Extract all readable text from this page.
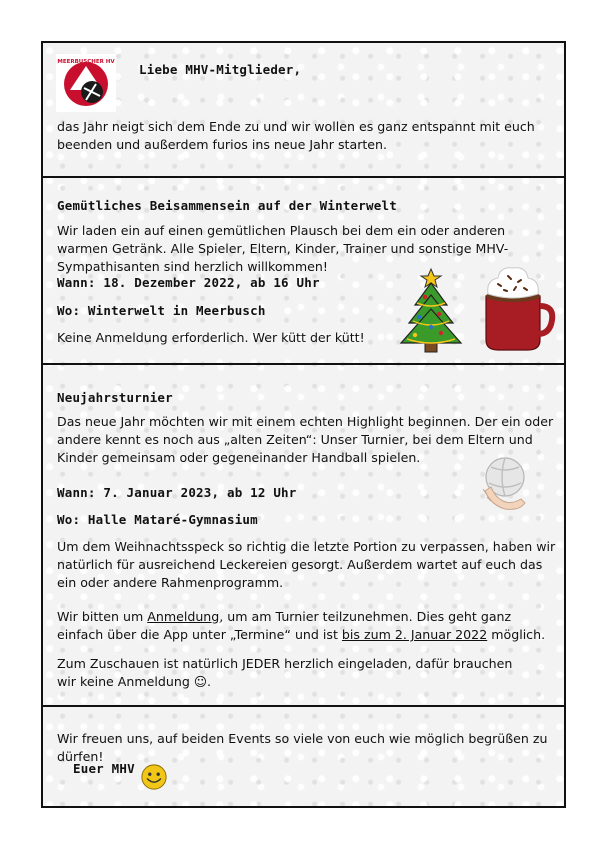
MEERBUSCHER HV Liebe MHV-Mitglieder,

das Jahr neigt sich dem Ende zu und wir wollen es ganz entspannt mit euch beenden und außerdem furios ins neue Jahr starten.

Gemütliches Beisammensein auf der Winterwelt

Wir laden ein auf einen gemütlichen Plausch bei dem ein oder anderen warmen Getränk. Alle Spieler, Eltern, Kinder, Trainer und sonstige MHV-Sympathisanten sind herzlich willkommen!

Wann: 18. Dezember 2022, ab 16 Uhr

Wo: Winterwelt in Meerbusch

Keine Anmeldung erforderlich. Wer kütt der kütt!

Neujahrsturnier

Das neue Jahr möchten wir mit einem echten Highlight beginnen. Der ein oder andere kennt es noch aus „alten Zeiten“: Unser Turnier, bei dem Eltern und Kinder gemeinsam oder gegeneinander Handball spielen.

Wann: 7. Januar 2023, ab 12 Uhr

Wo: Halle Mataré-Gymnasium

Um dem Weihnachtsspeck so richtig die letzte Portion zu verpassen, haben wir natürlich für ausreichend Leckereien gesorgt. Außerdem wartet auf euch das ein oder andere Rahmenprogramm.

Wir bitten um Anmeldung, um am Turnier teilzunehmen. Dies geht ganz einfach über die App unter „Termine“ und ist bis zum 2. Januar 2022 möglich.

Zum Zuschauen ist natürlich JEDER herzlich eingeladen, dafür brauchen wir keine Anmeldung ☺.

Wir freuen uns, auf beiden Events so viele von euch wie möglich begrüßen zu dürfen!

Euer MHV
